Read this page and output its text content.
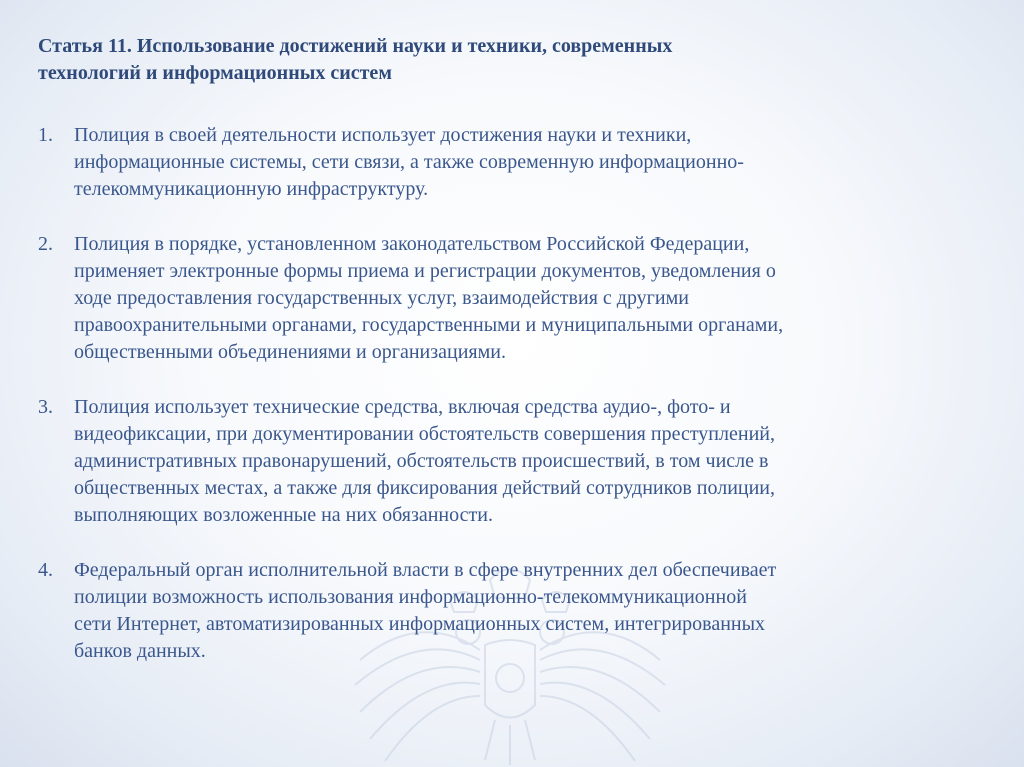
Статья 11. Использование достижений науки и техники, современных
технологий и информационных систем
1. Полиция в своей деятельности использует достижения науки и техники,
информационные системы, сети связи, а также современную информационно-
телекоммуникационную инфраструктуру.
2. Полиция в порядке, установленном законодательством Российской Федерации,
применяет электронные формы приема и регистрации документов, уведомления о
ходе предоставления государственных услуг, взаимодействия с другими
правоохранительными органами, государственными и муниципальными органами,
общественными объединениями и организациями.
3. Полиция использует технические средства, включая средства аудио-, фото- и
видеофиксации, при документировании обстоятельств совершения преступлений,
административных правонарушений, обстоятельств происшествий, в том числе в
общественных местах, а также для фиксирования действий сотрудников полиции,
выполняющих возложенные на них обязанности.
4. Федеральный орган исполнительной власти в сфере внутренних дел обеспечивает
полиции возможность использования информационно-телекоммуникационной
сети Интернет, автоматизированных информационных систем, интегрированных
банков данных.
